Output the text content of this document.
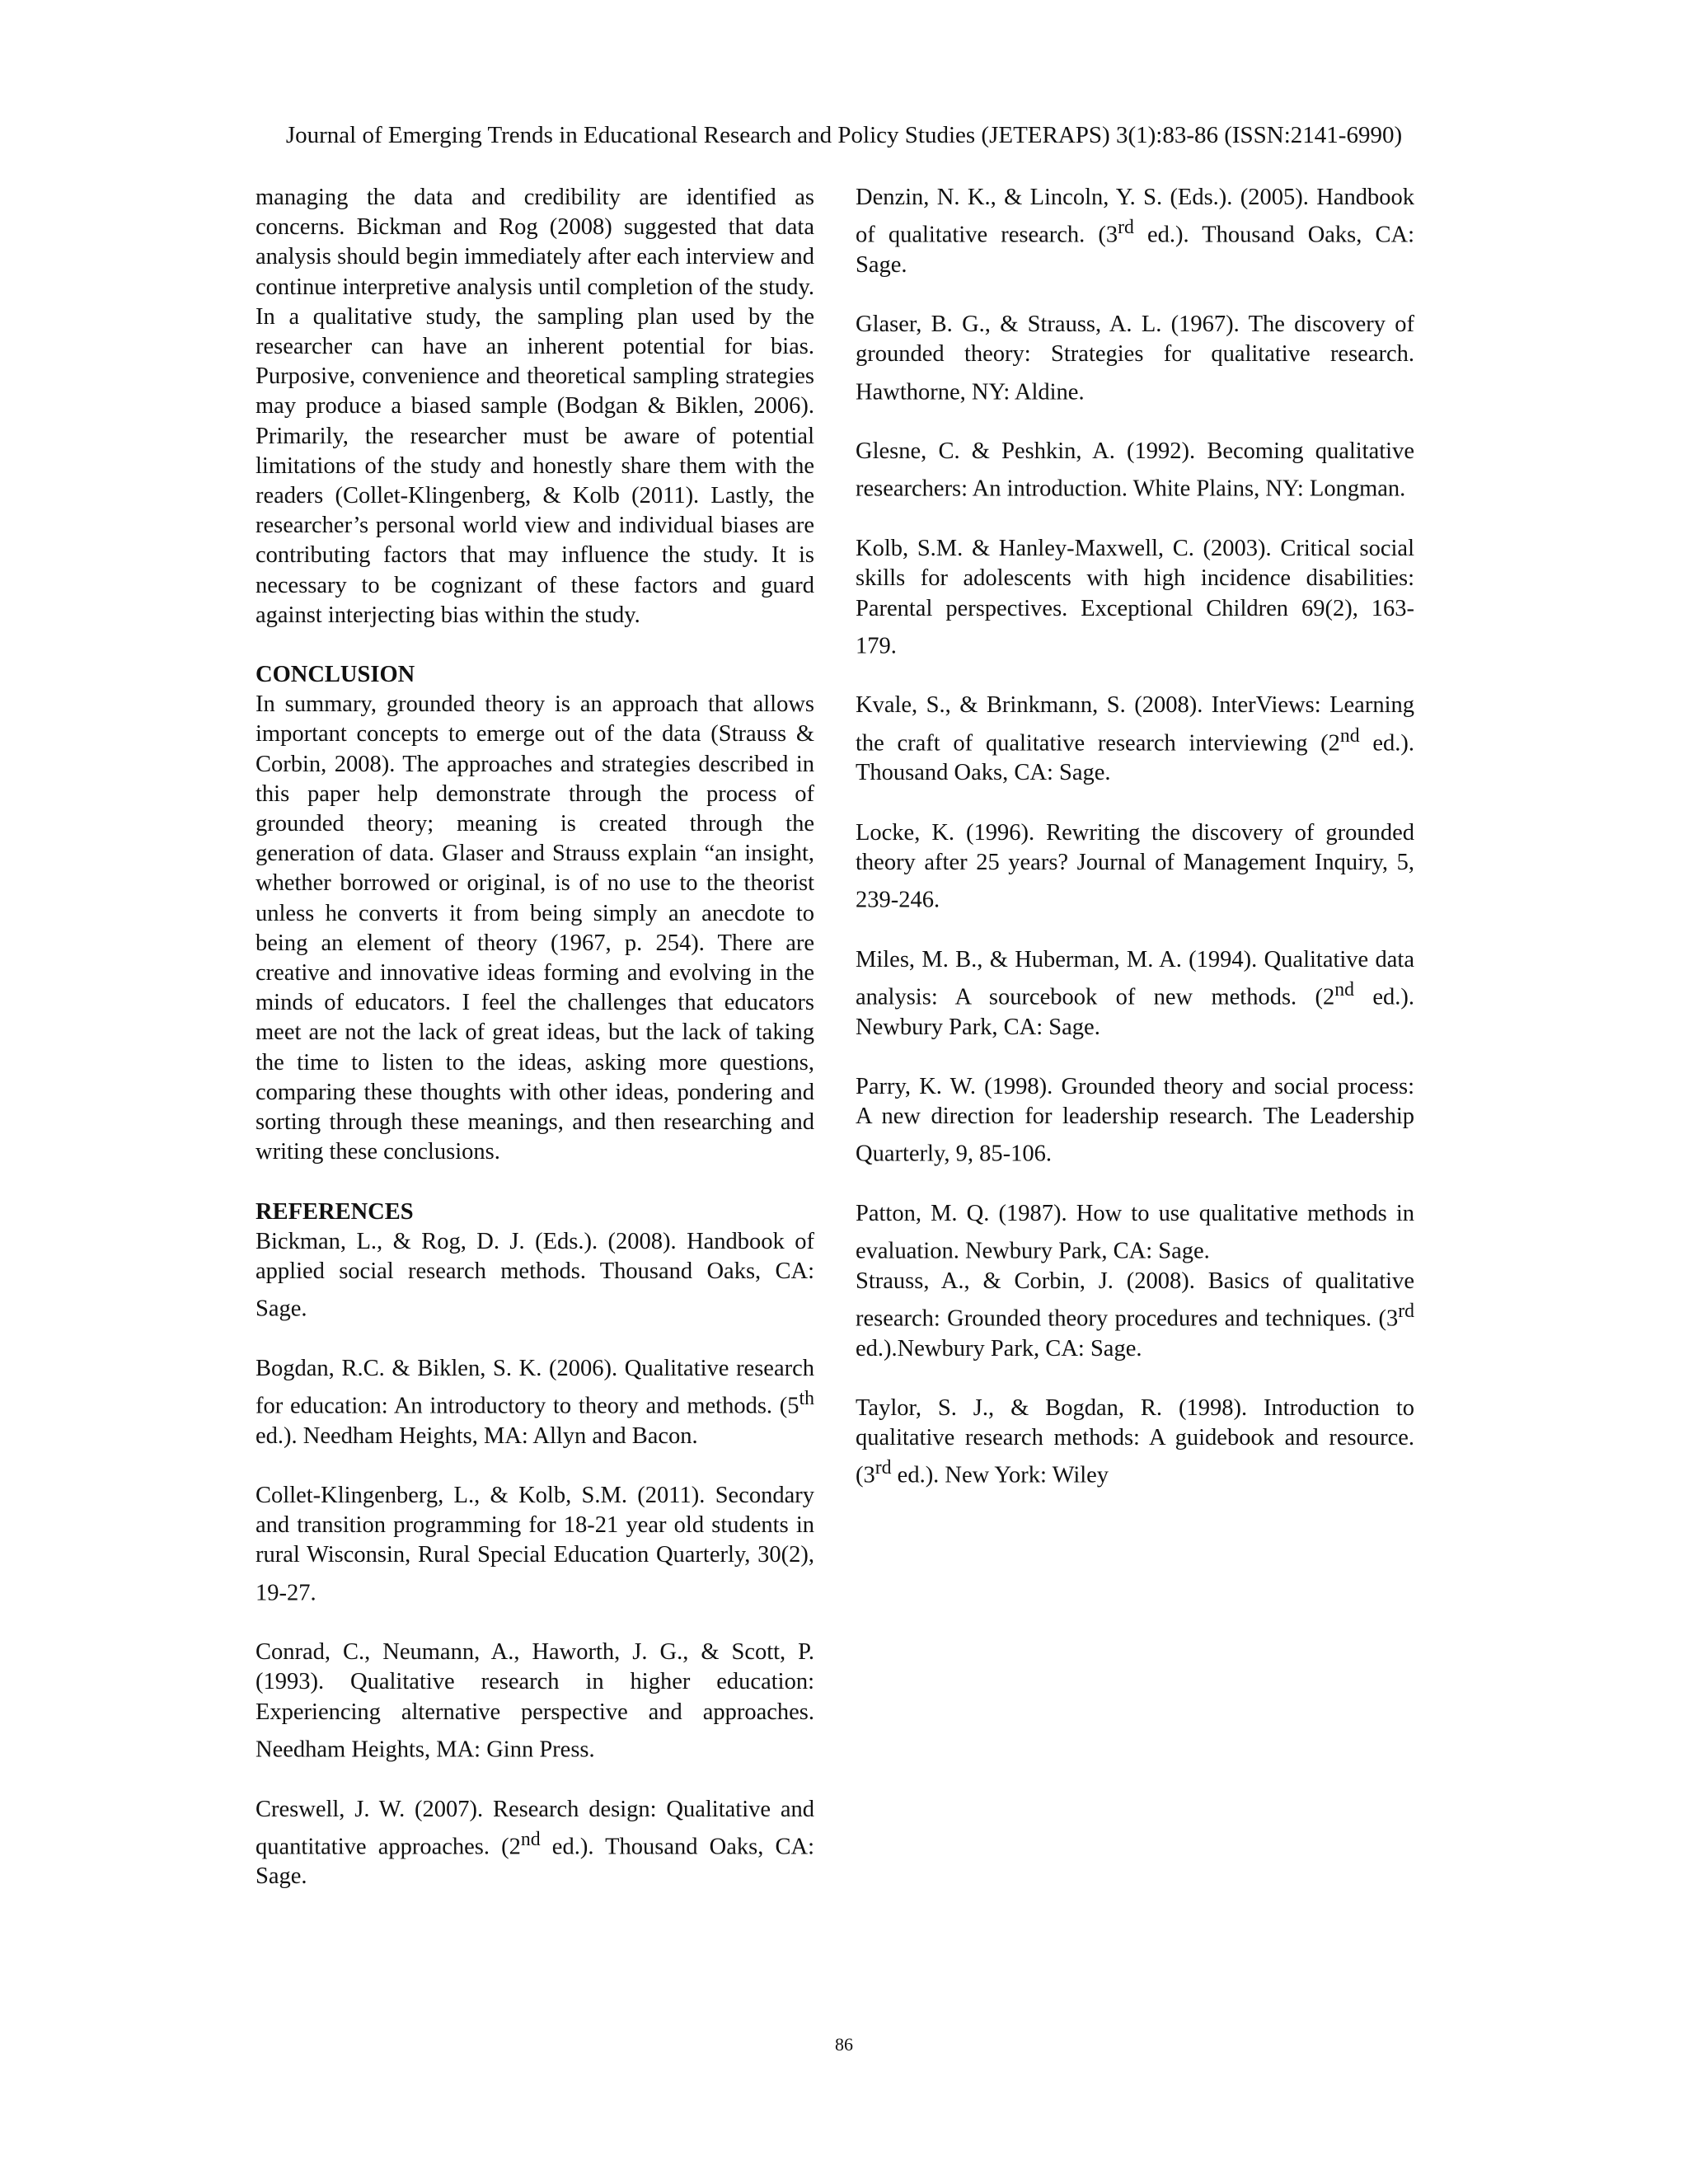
Journal of Emerging Trends in Educational Research and Policy Studies (JETERAPS) 3(1):83-86 (ISSN:2141-6990)

managing the data and credibility are identified as concerns. Bickman and Rog (2008) suggested that data analysis should begin immediately after each interview and continue interpretive analysis until completion of the study. In a qualitative study, the sampling plan used by the researcher can have an inherent potential for bias. Purposive, convenience and theoretical sampling strategies may produce a biased sample (Bodgan & Biklen, 2006). Primarily, the researcher must be aware of potential limitations of the study and honestly share them with the readers (Collet-Klingenberg, & Kolb (2011). Lastly, the researcher’s personal world view and individual biases are contributing factors that may influence the study. It is necessary to be cognizant of these factors and guard against interjecting bias within the study.

CONCLUSION

In summary, grounded theory is an approach that allows important concepts to emerge out of the data (Strauss & Corbin, 2008). The approaches and strategies described in this paper help demonstrate through the process of grounded theory; meaning is created through the generation of data. Glaser and Strauss explain “an insight, whether borrowed or original, is of no use to the theorist unless he converts it from being simply an anecdote to being an element of theory (1967, p. 254). There are creative and innovative ideas forming and evolving in the minds of educators. I feel the challenges that educators meet are not the lack of great ideas, but the lack of taking the time to listen to the ideas, asking more questions, comparing these thoughts with other ideas, pondering and sorting through these meanings, and then researching and writing these conclusions.

REFERENCES

Bickman, L., & Rog, D. J. (Eds.). (2008). Handbook of applied social research methods. Thousand Oaks, CA: Sage.

Bogdan, R.C. & Biklen, S. K. (2006). Qualitative research for education: An introductory to theory and methods. (5th ed.). Needham Heights, MA: Allyn and Bacon.

Collet-Klingenberg, L., & Kolb, S.M. (2011). Secondary and transition programming for 18-21 year old students in rural Wisconsin, Rural Special Education Quarterly, 30(2), 19-27.

Conrad, C., Neumann, A., Haworth, J. G., & Scott, P. (1993). Qualitative research in higher education: Experiencing alternative perspective and approaches. Needham Heights, MA: Ginn Press.

Creswell, J. W. (2007). Research design: Qualitative and quantitative approaches. (2nd ed.). Thousand Oaks, CA: Sage.

Denzin, N. K., & Lincoln, Y. S. (Eds.). (2005). Handbook of qualitative research. (3rd ed.). Thousand Oaks, CA: Sage.

Glaser, B. G., & Strauss, A. L. (1967). The discovery of grounded theory: Strategies for qualitative research. Hawthorne, NY: Aldine.

Glesne, C. & Peshkin, A. (1992). Becoming qualitative researchers: An introduction. White Plains, NY: Longman.

Kolb, S.M. & Hanley-Maxwell, C. (2003). Critical social skills for adolescents with high incidence disabilities: Parental perspectives. Exceptional Children 69(2), 163-179.

Kvale, S., & Brinkmann, S. (2008). InterViews: Learning the craft of qualitative research interviewing (2nd ed.). Thousand Oaks, CA: Sage.

Locke, K. (1996). Rewriting the discovery of grounded theory after 25 years? Journal of Management Inquiry, 5, 239-246.

Miles, M. B., & Huberman, M. A. (1994). Qualitative data analysis: A sourcebook of new methods. (2nd ed.). Newbury Park, CA: Sage.

Parry, K. W. (1998). Grounded theory and social process: A new direction for leadership research. The Leadership Quarterly, 9, 85-106.

Patton, M. Q. (1987). How to use qualitative methods in evaluation. Newbury Park, CA: Sage.

Strauss, A., & Corbin, J. (2008). Basics of qualitative research: Grounded theory procedures and techniques. (3rd ed.).Newbury Park, CA: Sage.

Taylor, S. J., & Bogdan, R. (1998). Introduction to qualitative research methods: A guidebook and resource. (3rd ed.). New York: Wiley

86
